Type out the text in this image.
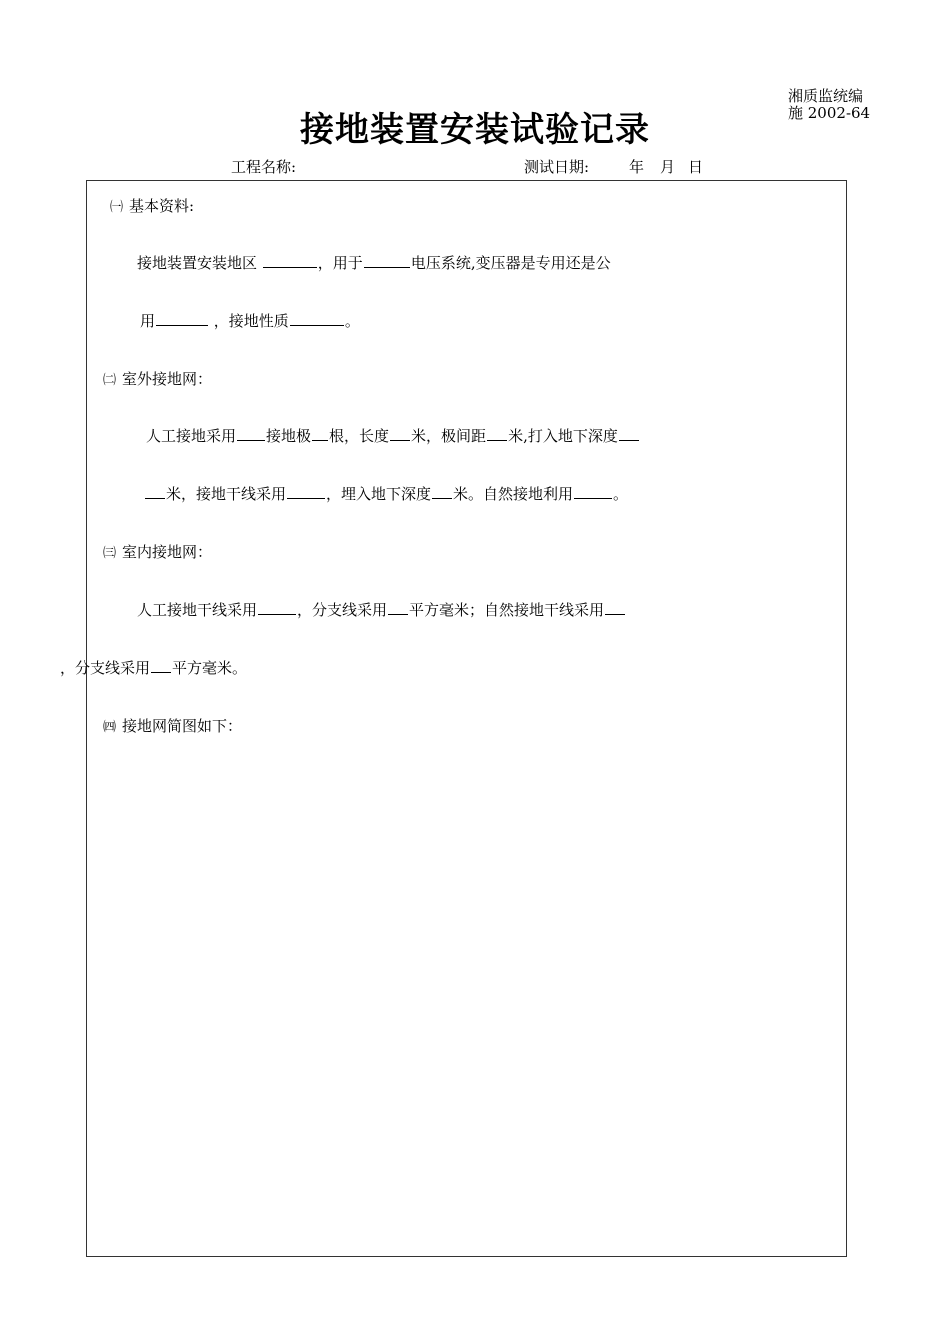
湘质监统编
施 2002-64
接地装置安装试验记录
工程名称:	测试日期:	年 月 日
㈠ 基本资料:
接地装置安装地区	，用于	电压系统,变压器是专用还是公
用	，接地性质	。
㈡ 室外接地网：
人工接地采用 接地极 根，长度 米，极间距 米,打入地下深度
米，接地干线采用	，埋入地下深度 米。自然接地利用	。
㈢ 室内接地网：
人工接地干线采用	，分支线采用 平方毫米；自然接地干线采用
，分支线采用 平方毫米。
㈣ 接地网简图如下：
